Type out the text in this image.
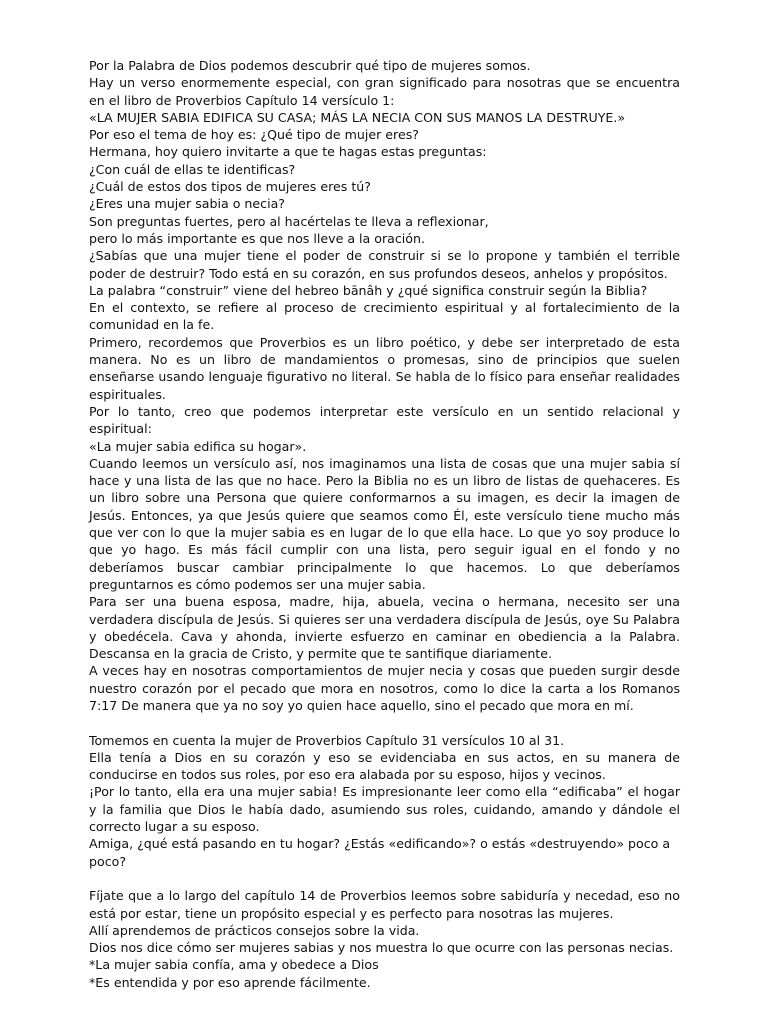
Por la Palabra de Dios podemos descubrir qué tipo de mujeres somos.

Hay un verso enormemente especial, con gran significado para nosotras que se encuentra en el libro de Proverbios Capítulo 14 versículo 1:

«LA MUJER SABIA EDIFICA SU CASA; MÁS LA NECIA CON SUS MANOS LA DESTRUYE.»

Por eso el tema de hoy es: ¿Qué tipo de mujer eres?

Hermana, hoy quiero invitarte a que te hagas estas preguntas:

¿Con cuál de ellas te identificas?

¿Cuál de estos dos tipos de mujeres eres tú?

¿Eres una mujer sabia o necia?

Son preguntas fuertes, pero al hacértelas te lleva a reflexionar,

pero lo más importante es que nos lleve a la oración.

¿Sabías que una mujer tiene el poder de construir si se lo propone y también el terrible poder de destruir? Todo está en su corazón, en sus profundos deseos, anhelos y propósitos.

La palabra “construir” viene del hebreo bānâh y ¿qué significa construir según la Biblia?

En el contexto, se refiere al proceso de crecimiento espiritual y al fortalecimiento de la comunidad en la fe.

Primero, recordemos que Proverbios es un libro poético, y debe ser interpretado de esta manera. No es un libro de mandamientos o promesas, sino de principios que suelen enseñarse usando lenguaje figurativo no literal. Se habla de lo físico para enseñar realidades espirituales.

Por lo tanto, creo que podemos interpretar este versículo en un sentido relacional y espiritual:

«La mujer sabia edifica su hogar».

Cuando leemos un versículo así, nos imaginamos una lista de cosas que una mujer sabia sí hace y una lista de las que no hace. Pero la Biblia no es un libro de listas de quehaceres. Es un libro sobre una Persona que quiere conformarnos a su imagen, es decir la imagen de Jesús. Entonces, ya que Jesús quiere que seamos como Él, este versículo tiene mucho más que ver con lo que la mujer sabia es en lugar de lo que ella hace. Lo que yo soy produce lo que yo hago. Es más fácil cumplir con una lista, pero seguir igual en el fondo y no deberíamos buscar cambiar principalmente lo que hacemos. Lo que deberíamos preguntarnos es cómo podemos ser una mujer sabia.

Para ser una buena esposa, madre, hija, abuela, vecina o hermana, necesito ser una verdadera discípula de Jesús. Si quieres ser una verdadera discípula de Jesús, oye Su Palabra y obedécela. Cava y ahonda, invierte esfuerzo en caminar en obediencia a la Palabra. Descansa en la gracia de Cristo, y permite que te santifique diariamente.

A veces hay en nosotras comportamientos de mujer necia y cosas que pueden surgir desde nuestro corazón por el pecado que mora en nosotros, como lo dice la carta a los Romanos 7:17 De manera que ya no soy yo quien hace aquello, sino el pecado que mora en mí.

Tomemos en cuenta la mujer de Proverbios Capítulo 31 versículos 10 al 31.

Ella tenía a Dios en su corazón y eso se evidenciaba en sus actos, en su manera de conducirse en todos sus roles, por eso era alabada por su esposo, hijos y vecinos.

¡Por lo tanto, ella era una mujer sabia! Es impresionante leer como ella “edificaba” el hogar y la familia que Dios le había dado, asumiendo sus roles, cuidando, amando y dándole el correcto lugar a su esposo.

Amiga, ¿qué está pasando en tu hogar? ¿Estás «edificando»? o estás «destruyendo» poco a poco?

Fíjate que a lo largo del capítulo 14 de Proverbios leemos sobre sabiduría y necedad, eso no está por estar, tiene un propósito especial y es perfecto para nosotras las mujeres.

Allí aprendemos de prácticos consejos sobre la vida.

Dios nos dice cómo ser mujeres sabias y nos muestra lo que ocurre con las personas necias.

*La mujer sabia confía, ama y obedece a Dios

*Es entendida y por eso aprende fácilmente.
